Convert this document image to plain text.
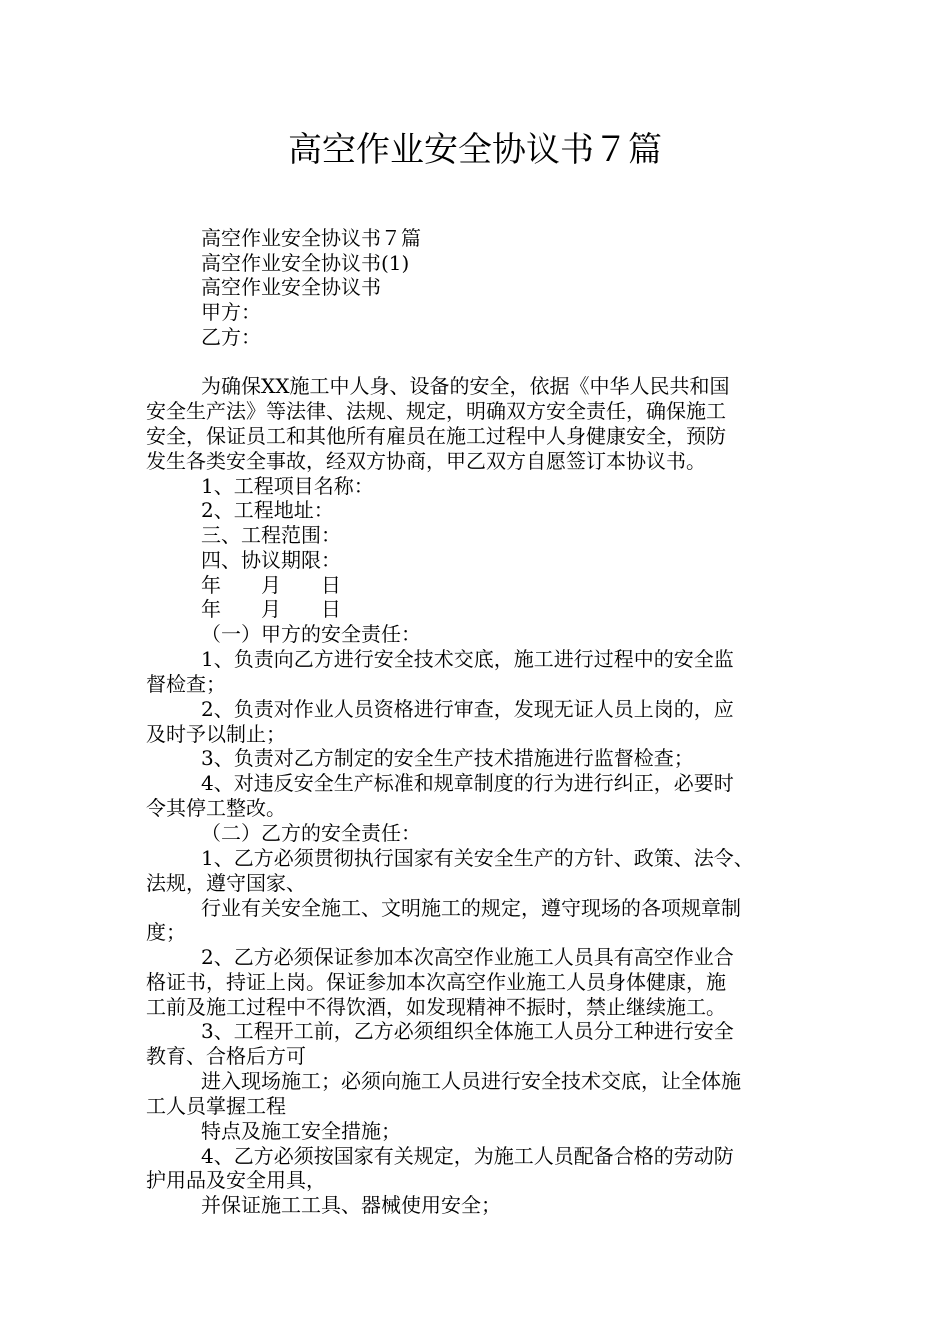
高空作业安全协议书７篇
高空作业安全协议书７篇
高空作业安全协议书(1)
高空作业安全协议书
甲方：
乙方：
为确保XX施工中人身、设备的安全，依据《中华人民共和国
安全生产法》等法律、法规、规定，明确双方安全责任，确保施工
安全，保证员工和其他所有雇员在施工过程中人身健康安全，预防
发生各类安全事故，经双方协商，甲乙双方自愿签订本协议书。
1、工程项目名称：
2、工程地址：
三、工程范围：
四、协议期限：
年　　月　　日
年　　月　　日
（一）甲方的安全责任：
1、负责向乙方进行安全技术交底，施工进行过程中的安全监
督检查；
2、负责对作业人员资格进行审查，发现无证人员上岗的，应
及时予以制止；
3、负责对乙方制定的安全生产技术措施进行监督检查；
4、对违反安全生产标准和规章制度的行为进行纠正，必要时
令其停工整改。
（二）乙方的安全责任：
1、乙方必须贯彻执行国家有关安全生产的方针、政策、法令、
法规，遵守国家、
行业有关安全施工、文明施工的规定，遵守现场的各项规章制
度；
2、乙方必须保证参加本次高空作业施工人员具有高空作业合
格证书，持证上岗。保证参加本次高空作业施工人员身体健康，施
工前及施工过程中不得饮酒，如发现精神不振时，禁止继续施工。
3、工程开工前，乙方必须组织全体施工人员分工种进行安全
教育、合格后方可
进入现场施工；必须向施工人员进行安全技术交底，让全体施
工人员掌握工程
特点及施工安全措施；
4、乙方必须按国家有关规定，为施工人员配备合格的劳动防
护用品及安全用具，
并保证施工工具、器械使用安全；
